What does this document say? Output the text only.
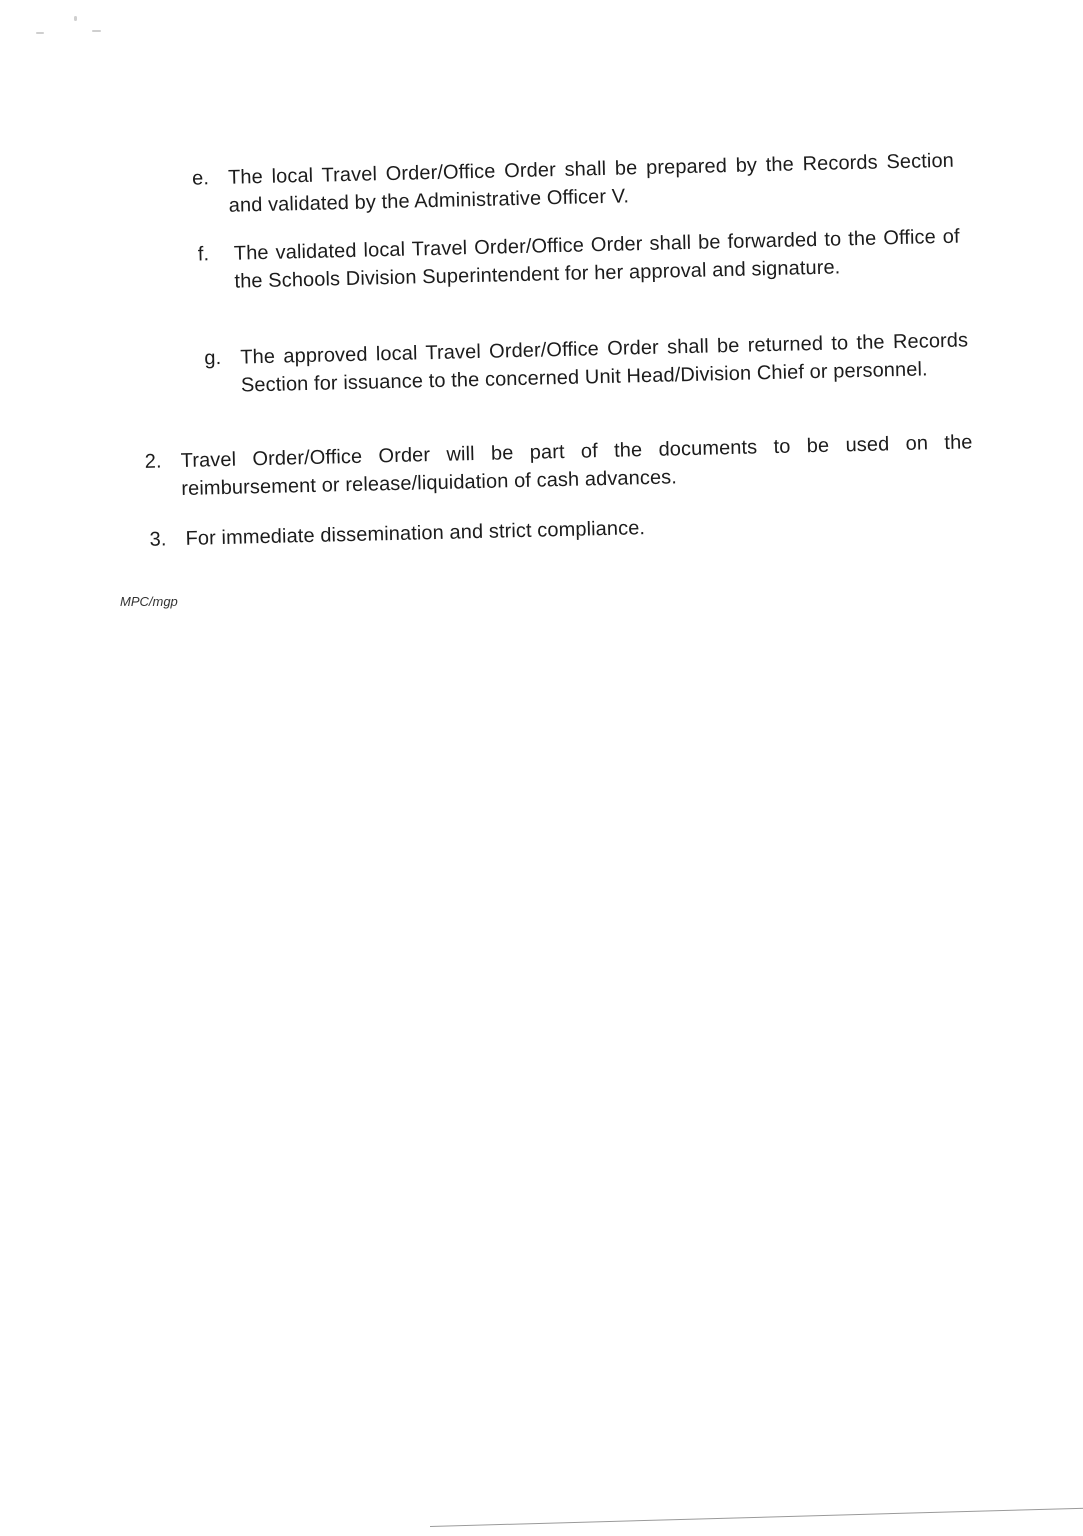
e. The local Travel Order/Office Order shall be prepared by the Records Section and validated by the Administrative Officer V.
f. The validated local Travel Order/Office Order shall be forwarded to the Office of the Schools Division Superintendent for her approval and signature.
g. The approved local Travel Order/Office Order shall be returned to the Records Section for issuance to the concerned Unit Head/Division Chief or personnel.
2. Travel Order/Office Order will be part of the documents to be used on the reimbursement or release/liquidation of cash advances.
3. For immediate dissemination and strict compliance.
MPC/mgp
